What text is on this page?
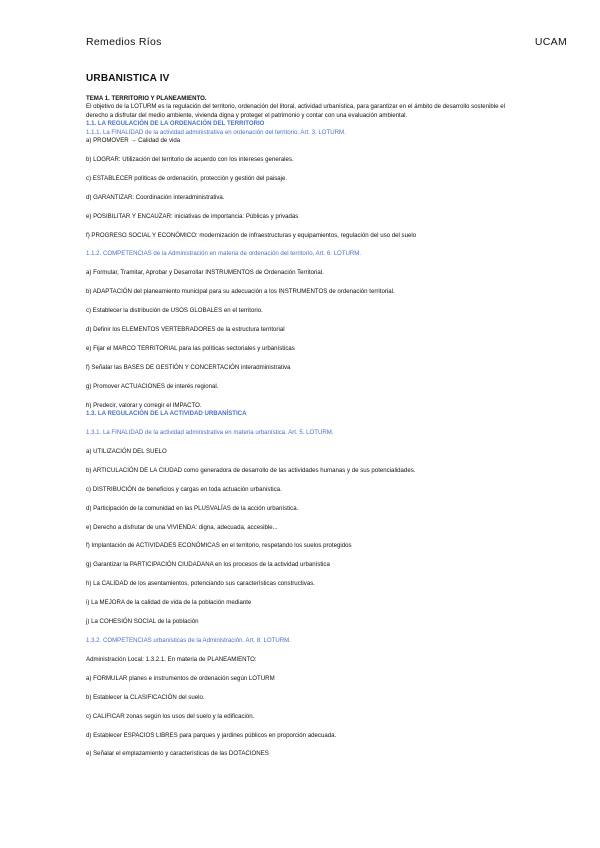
Remedios Ríos	UCAM
URBANISTICA IV
TEMA 1. TERRITORIO Y PLANEAMIENTO.
El objetivo de la LOTURM es la regulación del territorio, ordenación del litoral, actividad urbanística, para garantizar en el ámbito de desarrollo sostenible el derecho a disfrutar del medio ambiente, vivienda digna y proteger el patrimonio y contar con una evaluación ambiental.
1.1. LA REGULACIÓN DE LA ORDENACIÓN DEL TERRITORIO
1.1.1. La FINALIDAD de la actividad administrativa en ordenación del territorio. Art. 3. LOTURM.
a) PROMOVER → Calidad de vida
b) LOGRAR: Utilización del territorio de acuerdo con los intereses generales.
c) ESTABLECER políticas de ordenación, protección y gestión del paisaje.
d) GARANTIZAR: Coordinación interadministrativa.
e) POSIBILITAR Y ENCAUZAR: iniciativas de importancia: Públicas y privadas
f) PROGRESO SOCIAL Y ECONÓMICO: modernización de infraestructuras y equipamientos, regulación del uso del suelo
1.1.2. COMPETENCIAS de la Administración en materia de ordenación del territorio, Art. 6. LOTURM.
a) Formular, Tramitar, Aprobar y Desarrollar INSTRUMENTOS de Ordenación Territorial.
b) ADAPTACIÓN del planeamiento municipal para su adecuación a los INSTRUMENTOS de ordenación territorial.
c) Establecer la distribución de USOS GLOBALES en el territorio.
d) Definir los ELEMENTOS VERTEBRADORES de la estructura territorial
e) Fijar el MARCO TERRITORIAL para las políticas sectoriales y urbanísticas
f) Señalar las BASES DE GESTIÓN Y CONCERTACIÓN interadministrativa
g) Promover ACTUACIONES de interés regional.
h) Predecir, valorar y corregir el IMPACTO.
1.3. LA REGULACIÓN DE LA ACTIVIDAD URBANÍSTICA
1.3.1. La FINALIDAD de la actividad administrativa en materia urbanística. Art. 5. LOTURM.
a) UTILIZACIÓN DEL SUELO
b) ARTICULACIÓN DE LA CIUDAD como generadora de desarrollo de las actividades humanas y de sus potencialidades.
c) DISTRIBUCIÓN de beneficios y cargas en toda actuación urbanística.
d) Participación de la comunidad en las PLUSVALÍAS de la acción urbanística.
e) Derecho a disfrutar de una VIVIENDA: digna, adecuada, accesible...
f) Implantación de ACTIVIDADES ECONÓMICAS en el territorio, respetando los suelos protegidos
g) Garantizar la PARTICIPACIÓN CIUDADANA en los procesos de la actividad urbanística
h) La CALIDAD de los asentamientos, potenciando sus características constructivas.
i) La MEJORA de la calidad de vida de la población mediante
j) La COHESIÓN SOCIAL de la población
1.3.2. COMPETENCIAS urbanísticas de la Administración. Art. 8. LOTURM.
Administración Local: 1.3.2.1. En materia de PLANEAMIENTO:
a) FORMULAR planes e instrumentos de ordenación según LOTURM
b) Establecer la CLASIFICACIÓN del suelo.
c) CALIFICAR zonas según los usos del suelo y la edificación.
d) Establecer ESPACIOS LIBRES para parques y jardines públicos en proporción adecuada.
e) Señalar el emplazamiento y características de las DOTACIONES
